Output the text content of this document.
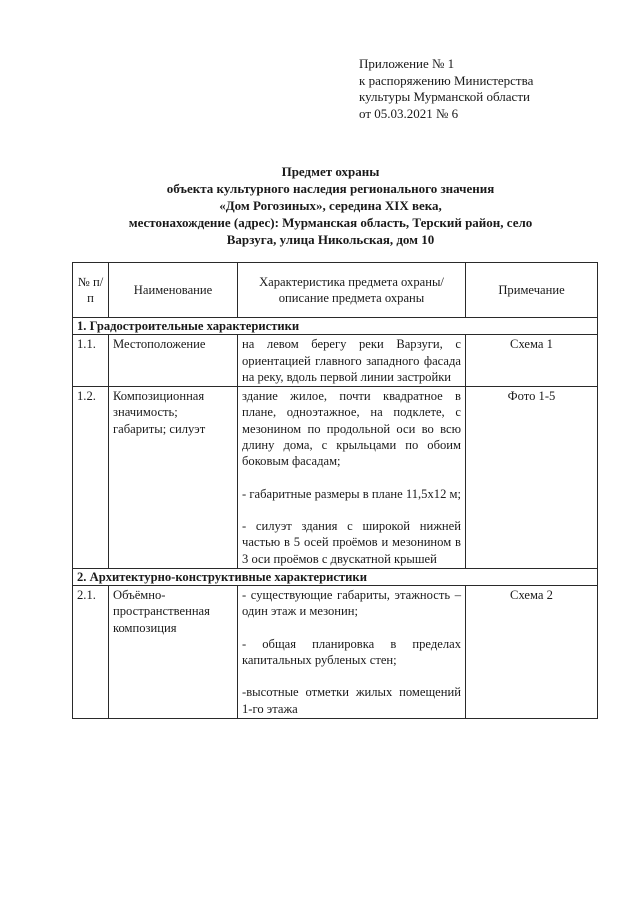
Приложение № 1
к распоряжению Министерства
культуры Мурманской области
от 05.03.2021 № 6
Предмет охраны
объекта культурного наследия регионального значения
«Дом Рогозиных», середина XIX века,
местонахождение (адрес): Мурманская область, Терский район, село
Варзуга, улица Никольская, дом 10
№ п/п	Наименование	Характеристика предмета охраны/описание предмета охраны	Примечание
1. Градостроительные характеристики			
1.1.	Местоположение	на левом берегу реки Варзуги, с ориентацией главного западного фасада на реку, вдоль первой линии застройки	Схема 1
1.2.	Композиционная значимость; габариты; силуэт	здание жилое, почти квадратное в плане, одноэтажное, на подклете, с мезонином по продольной оси во всю длину дома, с крыльцами по обоим боковым фасадам;

- габаритные размеры в плане 11,5х12 м;

- силуэт здания с широкой нижней частью в 5 осей проёмов и мезонином в 3 оси проёмов с двускатной крышей	Фото 1-5
2. Архитектурно-конструктивные характеристики			
2.1.	Объёмно-пространственная композиция	- существующие габариты, этажность – один этаж и мезонин;

- общая планировка в пределах капитальных рубленых стен;

-высотные отметки жилых помещений 1-го этажа	Схема 2
